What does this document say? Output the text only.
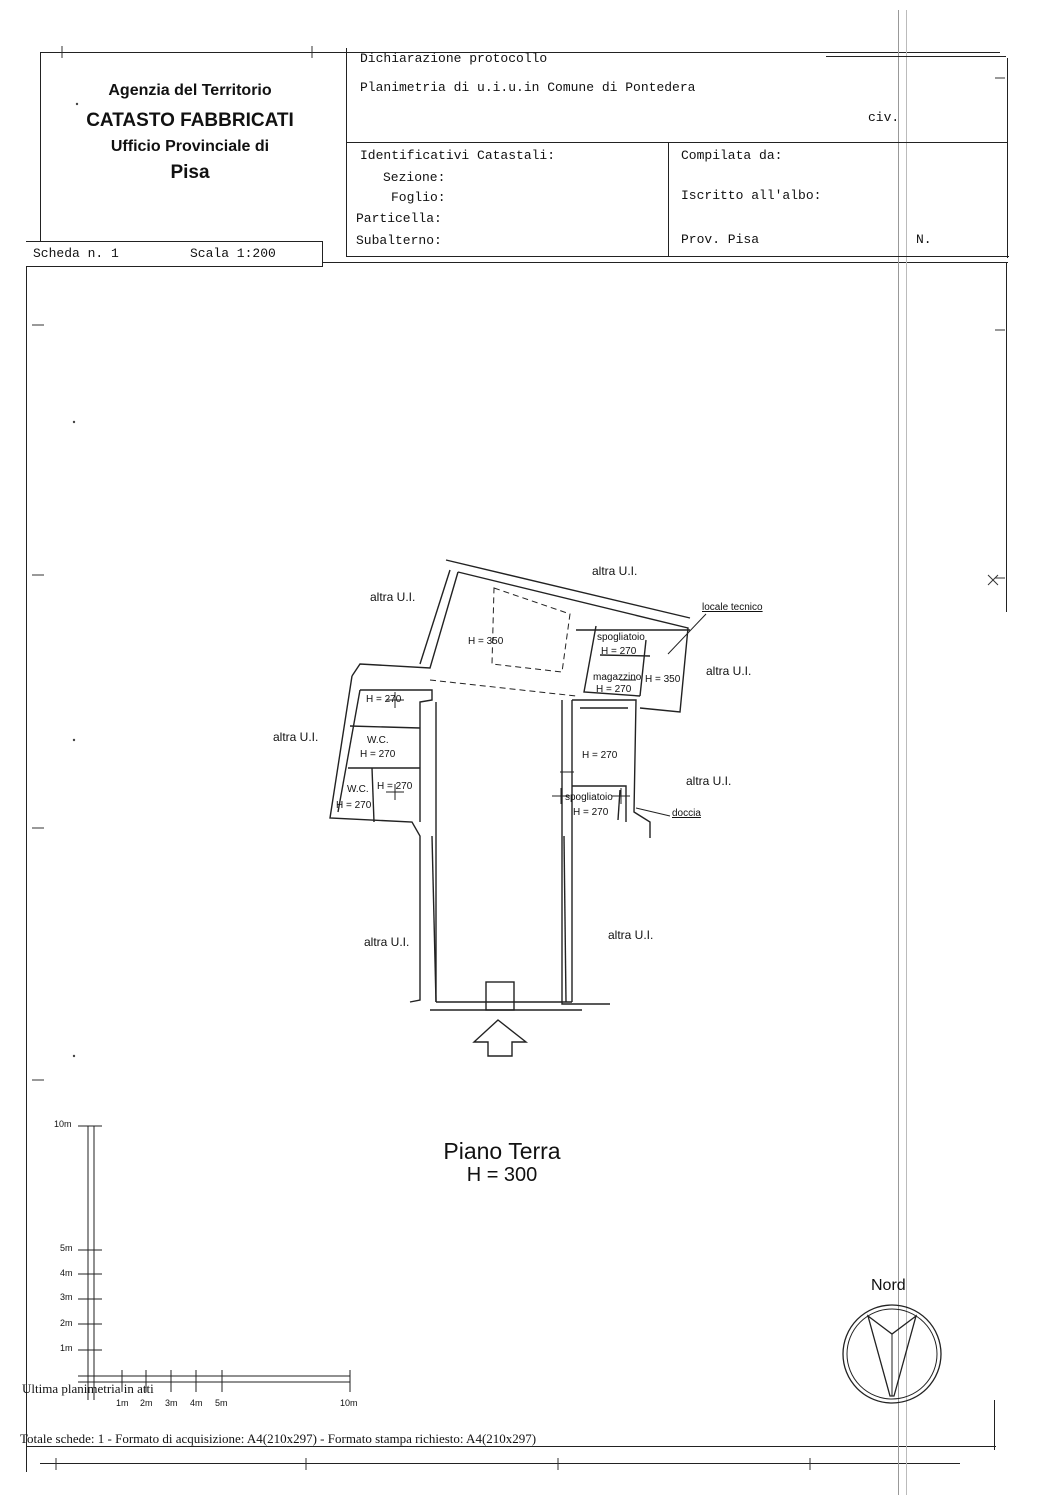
Agenzia del Territorio
CATASTO FABBRICATI
Ufficio Provinciale di
Pisa
Dichiarazione protocollo
Planimetria di u.i.u.in Comune di Pontedera
civ.
Identificativi Catastali:
Sezione:
Foglio:
Particella:
Subalterno:
Compilata da:
Iscritto all'albo:
Prov. Pisa	N.
Scheda n. 1	Scala 1:200
altra U.I.
altra U.I.
altra U.I.
altra U.I.
altra U.I.
altra U.I.	altra U.I.
H = 350	spogliatoio
H = 270
locale tecnico
magazzino
H = 270
H = 350
H = 270
W.C.
H = 270
W.C.
H = 270
H = 270
H = 270
spogliatoio
H = 270	doccia
Piano Terra
H = 300
Nord
10m
5m
4m
3m
2m
1m
1m 2m 3m 4m 5m	10m
Ultima planimetria in atti
Totale schede: 1 - Formato di acquisizione: A4(210x297) - Formato stampa richiesto: A4(210x297)
